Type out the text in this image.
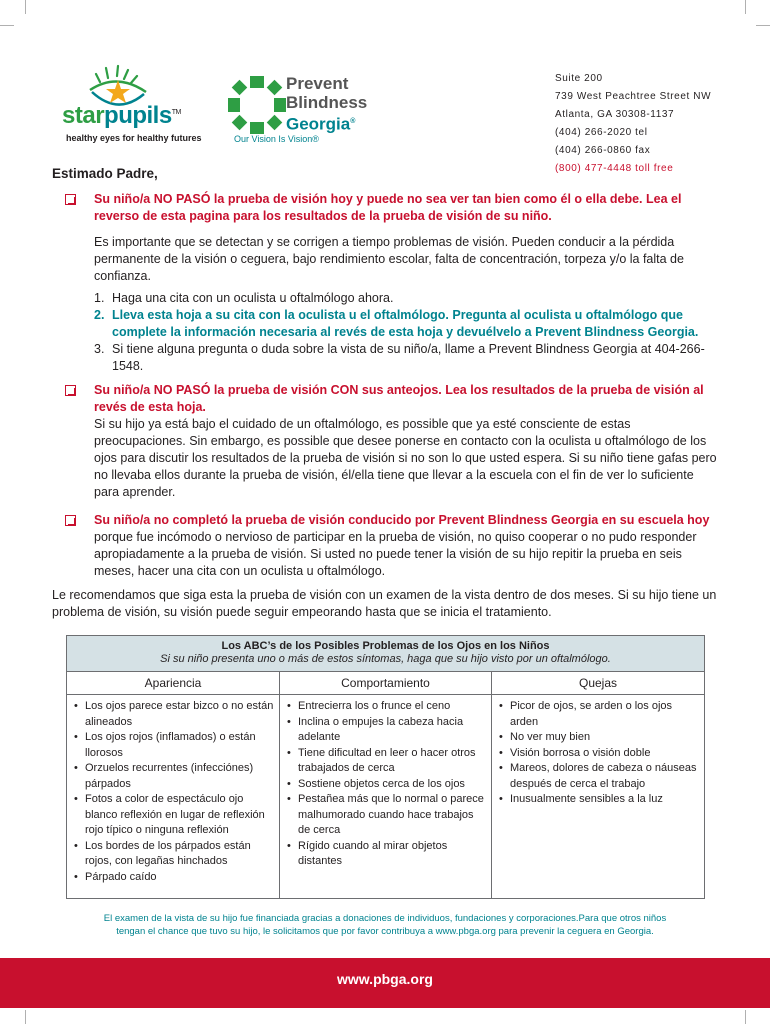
starpupils™
healthy eyes for healthy futures
Prevent
Blindness
Georgia®
Our Vision Is Vision®
Suite 200
739 West Peachtree Street NW
Atlanta, GA 30308-1137
(404) 266-2020 tel
(404) 266-0860 fax
(800) 477-4448 toll free
Estimado Padre,
Su niño/a NO PASÓ la prueba de visión hoy y puede no sea ver tan bien como él o ella debe. Lea el reverso de esta pagina para los resultados de la prueba de visión de su niño.
Es importante que se detectan y se corrigen a tiempo problemas de visión. Pueden conducir a la pérdida permanente de la visión o ceguera, bajo rendimiento escolar, falta de concentración, torpeza y/o la falta de confianza.
1. Haga una cita con un oculista u oftalmólogo ahora.
2. Lleva esta hoja a su cita con la oculista u el oftalmólogo. Pregunta al oculista u oftalmólogo que complete la información necesaria al revés de esta hoja y devuélvelo a Prevent Blindness Georgia.
3. Si tiene alguna pregunta o duda sobre la vista de su niño/a, llame a Prevent Blindness Georgia at 404-266-1548.
Su niño/a NO PASÓ la prueba de visión CON sus anteojos. Lea los resultados de la prueba de visión al revés de esta hoja.
Si su hijo ya está bajo el cuidado de un oftalmólogo, es possible que ya esté consciente de estas preocupaciones. Sin embargo, es possible que desee ponerse en contacto con la oculista u oftalmólogo de los ojos para discutir los resultados de la prueba de visión si no son lo que usted espera. Si su niño tiene gafas pero no llevaba ellos durante la prueba de visión, él/ella tiene que llevar a la escuela con el fin de ver lo suficiente para aprender.
Su niño/a no completó la prueba de visión conducido por Prevent Blindness Georgia en su escuela hoy porque fue incómodo o nervioso de participar en la prueba de visión, no quiso cooperar o no pudo responder apropiadamente a la prueba de visión. Si usted no puede tener la visión de su hijo repitir la prueba en seis meses, hacer una cita con un oculista u oftalmólogo.
Le recomendamos que siga esta la prueba de visión con un examen de la vista dentro de dos meses. Si su hijo tiene un problema de visión, su visión puede seguir empeorando hasta que se inicia el tratamiento.
Los ABC’s de los Posibles Problemas de los Ojos en los Niños
Si su niño presenta uno o más de estos síntomas, haga que su hijo visto por un oftalmólogo.
Apariencia
• Los ojos parece estar bizco o no están alineados
• Los ojos rojos (inflamados) o están llorosos
• Orzuelos recurrentes (infecciónes) párpados
• Fotos a color de espectáculo ojo blanco reflexión en lugar de reflexión rojo típico o ninguna reflexión
• Los bordes de los párpados están rojos, con legañas hinchados
• Párpado caído
Comportamiento
• Entrecierra los o frunce el ceno
• Inclina o empujes la cabeza hacia adelante
• Tiene dificultad en leer o hacer otros trabajados de cerca
• Sostiene objetos cerca de los ojos
• Pestañea más que lo normal o parece malhumorado cuando hace trabajos de cerca
• Rígido cuando al mirar objetos distantes
Quejas
• Picor de ojos, se arden o los ojos arden
• No ver muy bien
• Visión borrosa o visión doble
• Mareos, dolores de cabeza o náuseas después de cerca el trabajo
• Inusualmente sensibles a la luz
El examen de la vista de su hijo fue financiada gracias a donaciones de individuos, fundaciones y corporaciones.Para que otros niños tengan el chance que tuvo su hijo, le solicitamos que por favor contribuya a www.pbga.org para prevenir la ceguera en Georgia.
www.pbga.org
